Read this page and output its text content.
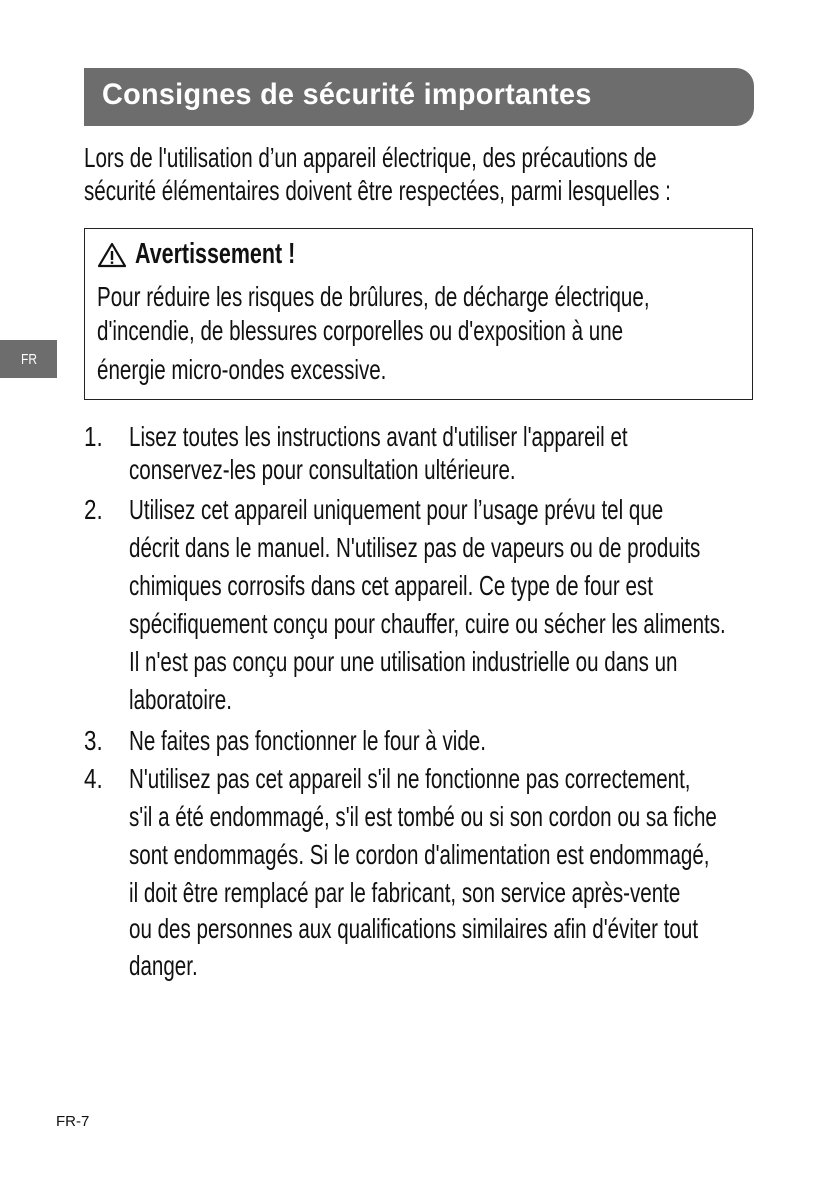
Consignes de sécurité importantes
Lors de l'utilisation d’un appareil électrique, des précautions de
sécurité élémentaires doivent être respectées, parmi lesquelles :
Avertissement !
Pour réduire les risques de brûlures, de décharge électrique,
d'incendie, de blessures corporelles ou d'exposition à une
énergie micro-ondes excessive.
1. Lisez toutes les instructions avant d'utiliser l'appareil et
conservez-les pour consultation ultérieure.
2. Utilisez cet appareil uniquement pour l’usage prévu tel que
décrit dans le manuel. N'utilisez pas de vapeurs ou de produits
chimiques corrosifs dans cet appareil. Ce type de four est
spécifiquement conçu pour chauffer, cuire ou sécher les aliments.
Il n'est pas conçu pour une utilisation industrielle ou dans un
laboratoire.
3. Ne faites pas fonctionner le four à vide.
4. N'utilisez pas cet appareil s'il ne fonctionne pas correctement,
s'il a été endommagé, s'il est tombé ou si son cordon ou sa fiche
sont endommagés. Si le cordon d'alimentation est endommagé,
il doit être remplacé par le fabricant, son service après-vente
ou des personnes aux qualifications similaires afin d'éviter tout
danger.
FR
FR-7
